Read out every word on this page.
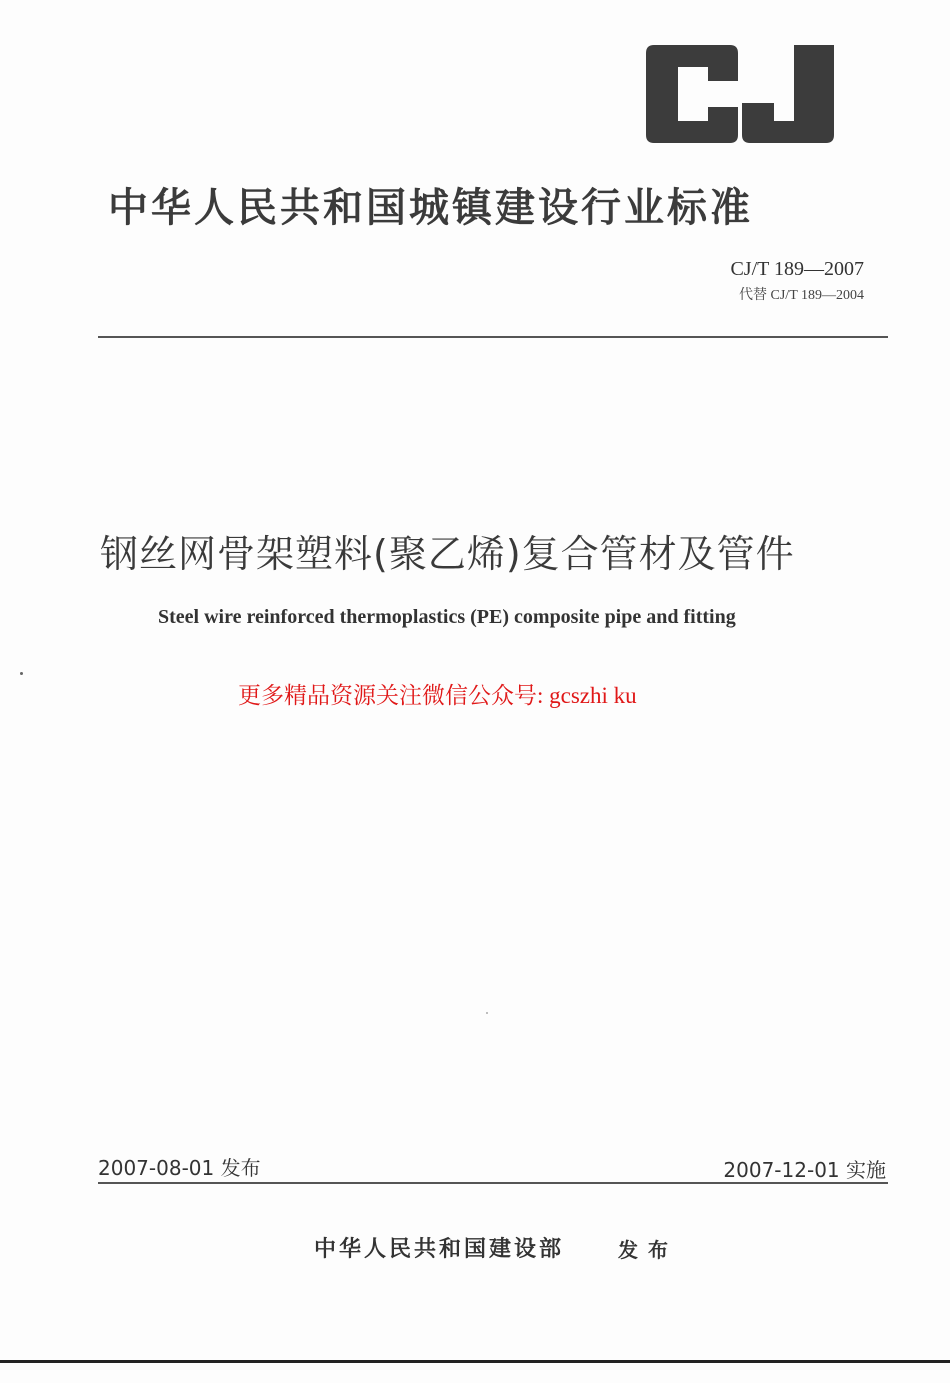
中华人民共和国城镇建设行业标准
CJ/T 189—2007
代替 CJ/T 189—2004
钢丝网骨架塑料(聚乙烯)复合管材及管件
Steel wire reinforced thermoplastics (PE) composite pipe and fitting
更多精品资源关注微信公众号: gcszhi ku
2007-08-01 发布	2007-12-01 实施
中华人民共和国建设部	发布
